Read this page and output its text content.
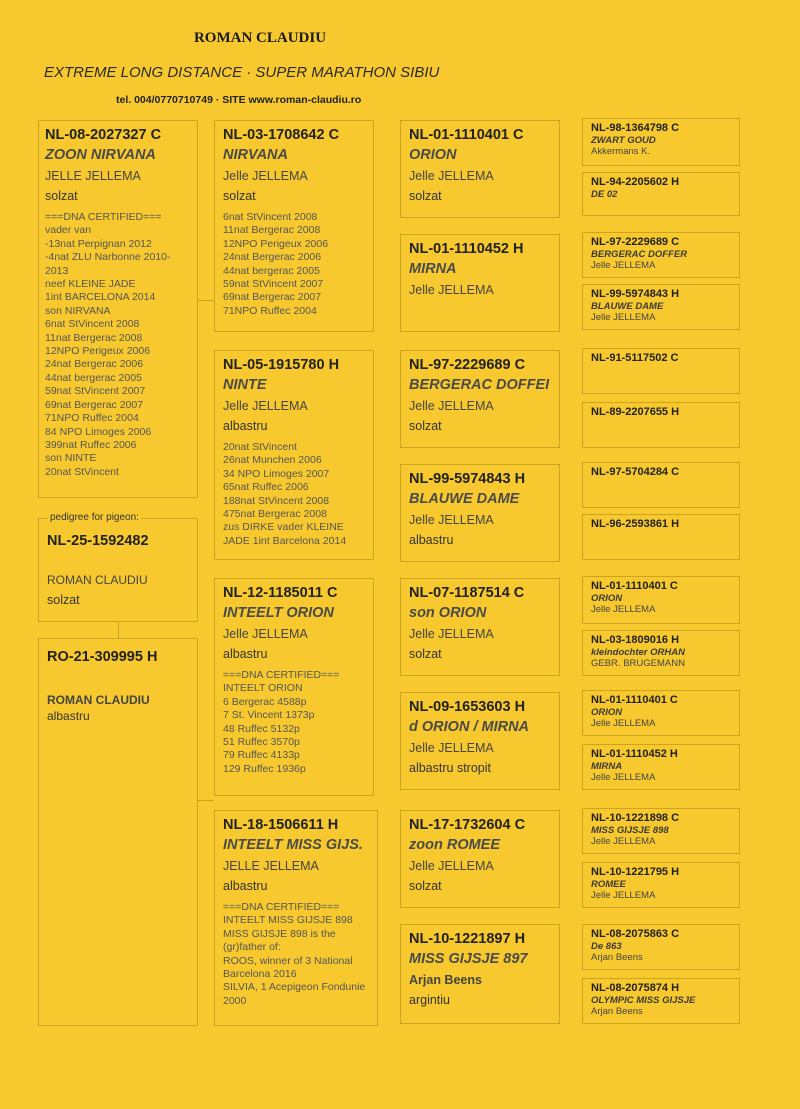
ROMAN CLAUDIU
EXTREME LONG DISTANCE · SUPER MARATHON SIBIU
tel. 004/0770710749 · SITE www.roman-claudiu.ro
NL-08-2027327 C
ZOON NIRVANA
JELLE JELLEMA
solzat
===DNA CERTIFIED===
vader van
-13nat Perpignan 2012
-4nat ZLU Narbonne 2010-2013
neef KLEINE JADE
1int BARCELONA 2014
son NIRVANA
6nat StVincent 2008
11nat Bergerac 2008
12NPO Perigeux 2006
24nat Bergerac 2006
44nat bergerac 2005
59nat StVincent 2007
69nat Bergerac 2007
71NPO Ruffec 2004
84 NPO Limoges 2006
399nat Ruffec 2006
son NINTE
20nat StVincent
NL-25-1592482
ROMAN CLAUDIU
solzat
pedigree for pigeon:
RO-21-309995 H
ROMAN CLAUDIU
albastru
NL-03-1708642 C
NIRVANA
Jelle JELLEMA
solzat
6nat StVincent 2008
11nat Bergerac 2008
12NPO Perigeux 2006
24nat Bergerac 2006
44nat bergerac 2005
59nat StVincent 2007
69nat Bergerac 2007
71NPO Ruffec 2004
NL-05-1915780 H
NINTE
Jelle JELLEMA
albastru
20nat StVincent
26nat Munchen 2006
34 NPO Limoges 2007
65nat Ruffec 2006
188nat StVincent 2008
475nat Bergerac 2008
zus DIRKE vader KLEINE JADE 1int Barcelona 2014
NL-12-1185011 C
INTEELT ORION
Jelle JELLEMA
albastru
===DNA CERTIFIED===
INTEELT ORION
6 Bergerac 4588p
7 St. Vincent 1373p
48 Ruffec 5132p
51 Ruffec 3570p
79 Ruffec 4133p
129 Ruffec 1936p
NL-18-1506611 H
INTEELT MISS GIJS.
JELLE JELLEMA
albastru
===DNA CERTIFIED===
INTEELT MISS GIJSJE 898
MISS GIJSJE 898 is the (gr)father of:
ROOS, winner of 3 National Barcelona 2016
SILVIA, 1 Acepigeon Fondunie 2000
NL-01-1110401 C
ORION
Jelle JELLEMA
solzat
NL-01-1110452 H
MIRNA
Jelle JELLEMA
NL-97-2229689 C
BERGERAC DOFFEI
Jelle JELLEMA
solzat
NL-99-5974843 H
BLAUWE DAME
Jelle JELLEMA
albastru
NL-07-1187514 C
son ORION
Jelle JELLEMA
solzat
NL-09-1653603 H
d ORION / MIRNA
Jelle JELLEMA
albastru stropit
NL-17-1732604 C
zoon ROMEE
Jelle JELLEMA
solzat
NL-10-1221897 H
MISS GIJSJE 897
Arjan Beens
argintiu
NL-98-1364798 C
ZWART GOUD
Akkermans K.
NL-94-2205602 H
DE 02
NL-97-2229689 C
BERGERAC DOFFER
Jelle JELLEMA
NL-99-5974843 H
BLAUWE DAME
Jelle JELLEMA
NL-91-5117502 C
NL-89-2207655 H
NL-97-5704284 C
NL-96-2593861 H
NL-01-1110401 C
ORION
Jelle JELLEMA
NL-03-1809016 H
kleindochter ORHAN
GEBR. BRUGEMANN
NL-01-1110401 C
ORION
Jelle JELLEMA
NL-01-1110452 H
MIRNA
Jelle JELLEMA
NL-10-1221898 C
MISS GIJSJE 898
Jelle JELLEMA
NL-10-1221795 H
ROMEE
Jelle JELLEMA
NL-08-2075863 C
De 863
Arjan Beens
NL-08-2075874 H
OLYMPIC MISS GIJSJE
Arjan Beens
